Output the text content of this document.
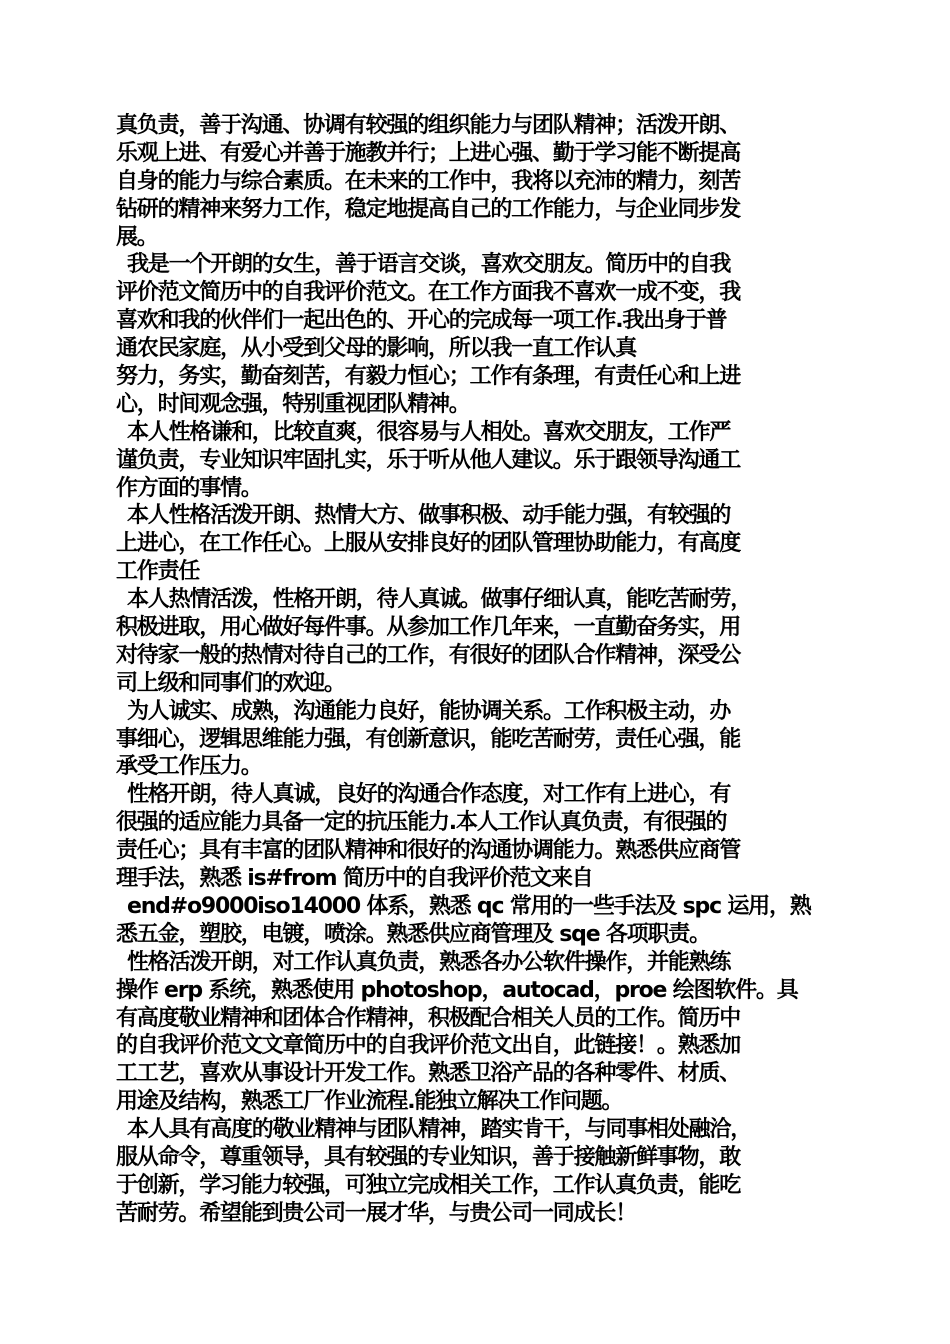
真负责，善于沟通、协调有较强的组织能力与团队精神；活泼开朗、
乐观上进、有爱心并善于施教并行；上进心强、勤于学习能不断提高
自身的能力与综合素质。在未来的工作中，我将以充沛的精力，刻苦
钻研的精神来努力工作，稳定地提高自己的工作能力，与企业同步发
展。
我是一个开朗的女生，善于语言交谈，喜欢交朋友。简历中的自我
评价范文简历中的自我评价范文。在工作方面我不喜欢一成不变，我
喜欢和我的伙伴们一起出色的、开心的完成每一项工作.我出身于普
通农民家庭，从小受到父母的影响，所以我一直工作认真
努力，务实，勤奋刻苦，有毅力恒心；工作有条理，有责任心和上进
心，时间观念强，特别重视团队精神。
本人性格谦和，比较直爽，很容易与人相处。喜欢交朋友，工作严
谨负责，专业知识牢固扎实，乐于听从他人建议。乐于跟领导沟通工
作方面的事情。
本人性格活泼开朗、热情大方、做事积极、动手能力强，有较强的
上进心，在工作任心。上服从安排良好的团队管理协助能力，有高度
工作责任
本人热情活泼，性格开朗，待人真诚。做事仔细认真，能吃苦耐劳，
积极进取，用心做好每件事。从参加工作几年来，一直勤奋务实，用
对待家一般的热情对待自己的工作，有很好的团队合作精神，深受公
司上级和同事们的欢迎。
为人诚实、成熟，沟通能力良好，能协调关系。工作积极主动，办
事细心，逻辑思维能力强，有创新意识，能吃苦耐劳，责任心强，能
承受工作压力。
性格开朗，待人真诚，良好的沟通合作态度，对工作有上进心，有
很强的适应能力具备一定的抗压能力.本人工作认真负责，有很强的
责任心；具有丰富的团队精神和很好的沟通协调能力。熟悉供应商管
理手法，熟悉 is#from 简历中的自我评价范文来自
end#o9000iso14000 体系，熟悉 qc 常用的一些手法及 spc 运用，熟
悉五金，塑胶，电镀，喷涂。熟悉供应商管理及 sqe 各项职责。
性格活泼开朗，对工作认真负责，熟悉各办公软件操作，并能熟练
操作 erp 系统，熟悉使用 photoshop，autocad，proe 绘图软件。具
有高度敬业精神和团体合作精神，积极配合相关人员的工作。简历中
的自我评价范文文章简历中的自我评价范文出自，此链接！。熟悉加
工工艺，喜欢从事设计开发工作。熟悉卫浴产品的各种零件、材质、
用途及结构，熟悉工厂作业流程.能独立解决工作问题。
本人具有高度的敬业精神与团队精神，踏实肯干，与同事相处融洽，
服从命令，尊重领导，具有较强的专业知识，善于接触新鲜事物，敢
于创新，学习能力较强，可独立完成相关工作，工作认真负责，能吃
苦耐劳。希望能到贵公司一展才华，与贵公司一同成长！
